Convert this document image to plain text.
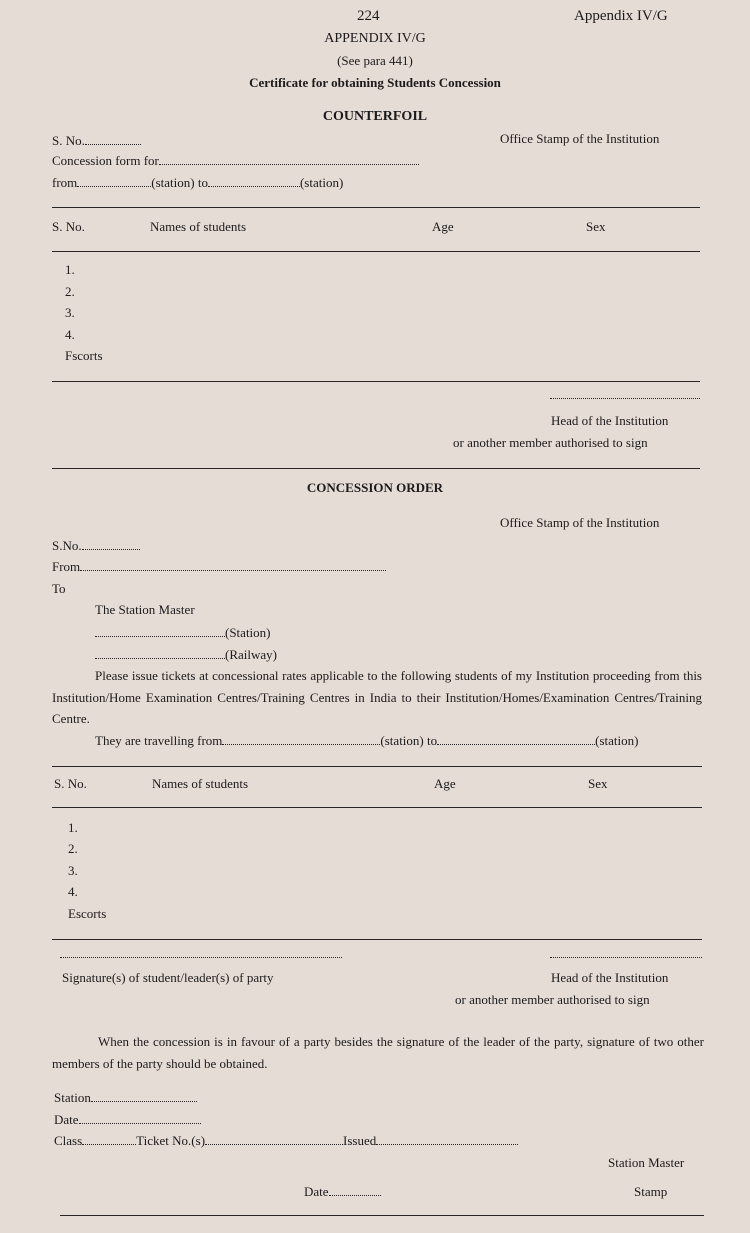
224	Appendix IV/G
APPENDIX IV/G
(See para 441)
Certificate for obtaining Students Concession
COUNTERFOIL
S. No.	Office Stamp of the Institution
Concession form for
from	(station) to	(station)
S. No.	Names of students	Age	Sex
1.
2.
3.
4.
Fscorts
Head of the Institution
or another member authorised to sign
CONCESSION ORDER
Office Stamp of the Institution
S.No.
From
To
The Station Master
(Station)
(Railway)
Please issue tickets at concessional rates applicable to the following students of my Institution proceeding from this Institution/Home Examination Centres/Training Centres in India to their Institution/Homes/Examination Centres/Training Centre.
They are travelling from	(station) to	(station)
S. No.	Names of students	Age	Sex
1.
2.
3.
4.
Escorts
Signature(s) of student/leader(s) of party	Head of the Institution
or another member authorised to sign
When the concession is in favour of a party besides the signature of the leader of the party, signature of two other members of the party should be obtained.
Station
Date
Class	Ticket No.(s)	Issued
Station Master
Date	Stamp
